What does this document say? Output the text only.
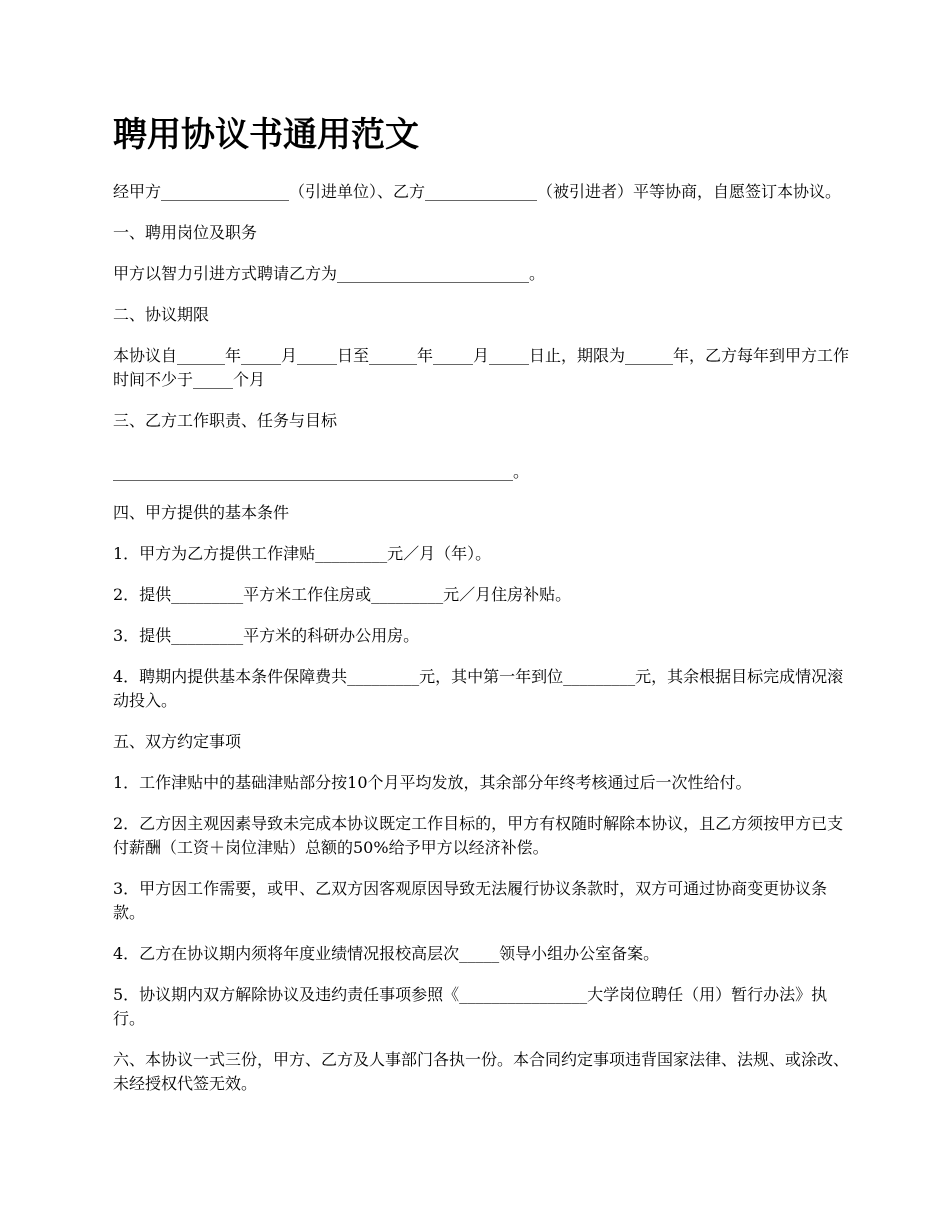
聘用协议书通用范文

经甲方________________（引进单位）、乙方______________（被引进者）平等协商，自愿签订本协议。

一、聘用岗位及职务

甲方以智力引进方式聘请乙方为________________________。

二、协议期限

本协议自______年_____月_____日至______年_____月_____日止，期限为______年，乙方每年到甲方工作时间不少于_____个月

三、乙方工作职责、任务与目标

__________________________________________________。

四、甲方提供的基本条件

1．甲方为乙方提供工作津贴_________元／月（年）。

2．提供_________平方米工作住房或_________元／月住房补贴。

3．提供_________平方米的科研办公用房。

4．聘期内提供基本条件保障费共_________元，其中第一年到位_________元，其余根据目标完成情况滚动投入。

五、双方约定事项

1．工作津贴中的基础津贴部分按10个月平均发放，其余部分年终考核通过后一次性给付。

2．乙方因主观因素导致未完成本协议既定工作目标的，甲方有权随时解除本协议，且乙方须按甲方已支付薪酬（工资＋岗位津贴）总额的50%给予甲方以经济补偿。

3．甲方因工作需要，或甲、乙双方因客观原因导致无法履行协议条款时，双方可通过协商变更协议条款。

4．乙方在协议期内须将年度业绩情况报校高层次_____领导小组办公室备案。

5．协议期内双方解除协议及违约责任事项参照《________________大学岗位聘任（用）暂行办法》执行。

六、本协议一式三份，甲方、乙方及人事部门各执一份。本合同约定事项违背国家法律、法规、或涂改、未经授权代签无效。
